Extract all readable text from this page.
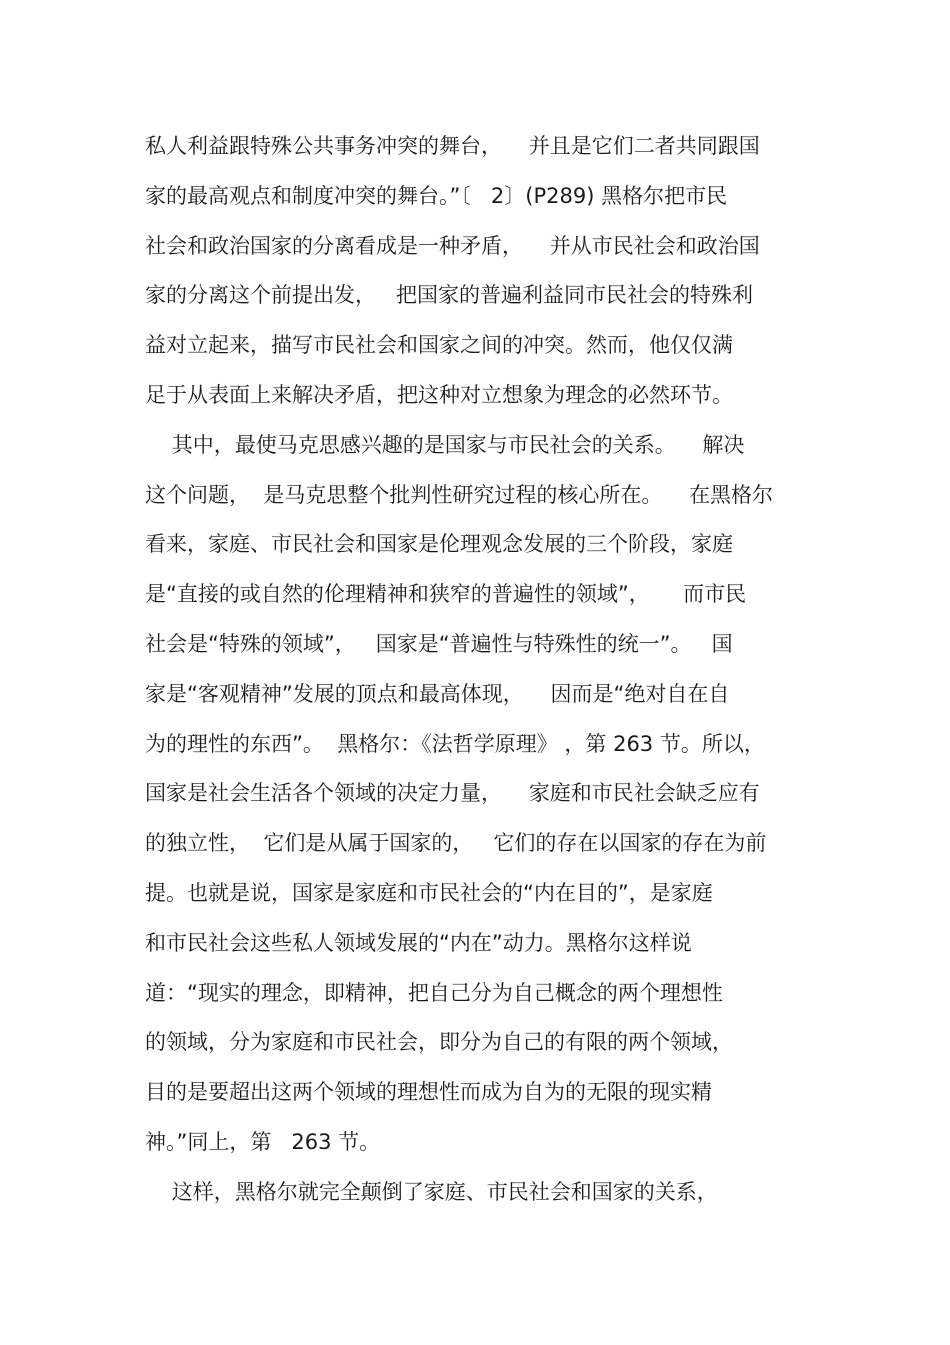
私人利益跟特殊公共事务冲突的舞台，    并且是它们二者共同跟国
家的最高观点和制度冲突的舞台。”〔   2〕(P289) 黑格尔把市民
社会和政治国家的分离看成是一种矛盾，    并从市民社会和政治国
家的分离这个前提出发，   把国家的普遍利益同市民社会的特殊利
益对立起来，描写市民社会和国家之间的冲突。然而，他仅仅满
足于从表面上来解决矛盾，把这种对立想象为理念的必然环节。
其中，最使马克思感兴趣的是国家与市民社会的关系。    解决
这个问题，  是马克思整个批判性研究过程的核心所在。    在黑格尔
看来，家庭、市民社会和国家是伦理观念发展的三个阶段，家庭
是“直接的或自然的伦理精神和狭窄的普遍性的领域”，     而市民
社会是“特殊的领域”，   国家是“普遍性与特殊性的统一”。   国
家是“客观精神”发展的顶点和最高体现，    因而是“绝对自在自
为的理性的东西”。  黑格尔：《法哲学原理》 ，第 263 节。所以，
国家是社会生活各个领域的决定力量，    家庭和市民社会缺乏应有
的独立性，  它们是从属于国家的，   它们的存在以国家的存在为前
提。也就是说，国家是家庭和市民社会的“内在目的”，是家庭
和市民社会这些私人领域发展的“内在”动力。黑格尔这样说
道：“现实的理念，即精神，把自己分为自己概念的两个理想性
的领域，分为家庭和市民社会，即分为自己的有限的两个领域，
目的是要超出这两个领域的理想性而成为自为的无限的现实精
神。”同上，第   263 节。
这样，黑格尔就完全颠倒了家庭、市民社会和国家的关系，
